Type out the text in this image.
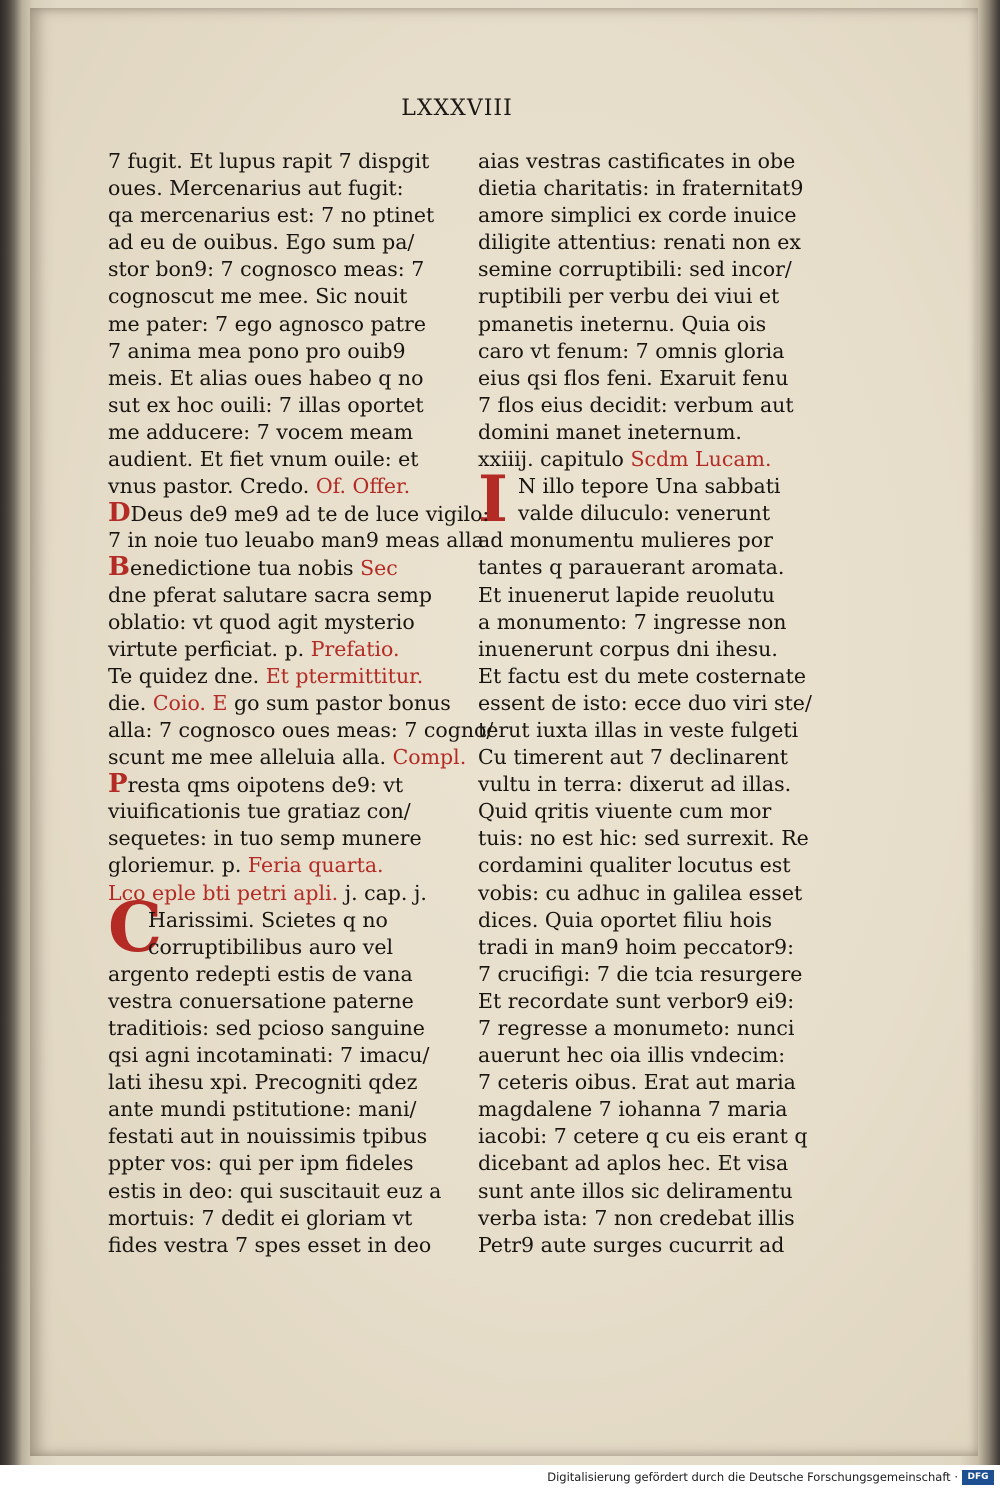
LXXXVIII
C
I
7 fugit. Et lupus rapit 7 dispgit
oues. Mercenarius aut fugit:
qa mercenarius est: 7 no ptinet
ad eu de ouibus. Ego sum pa/
stor bon9: 7 cognosco meas: 7
cognoscut me mee. Sic nouit
me pater: 7 ego agnosco patre
7 anima mea pono pro ouib9
meis. Et alias oues habeo q no
sut ex hoc ouili: 7 illas oportet
me adducere: 7 vocem meam
audient. Et fiet vnum ouile: et
vnus pastor. Credo. Of. Offer.
DDeus de9 me9 ad te de luce vigilo:
7 in noie tuo leuabo man9 meas alla
Benedictione tua nobis Sec
dne pferat salutare sacra semp
oblatio: vt quod agit mysterio
virtute perficiat. p. Prefatio.
Te quidez dne. Et ptermittitur.
die. Coio. E go sum pastor bonus
alla: 7 cognosco oues meas: 7 cogno/
scunt me mee alleluia alla. Compl.
Presta qms oipotens de9: vt
viuificationis tue gratiaz con/
sequetes: in tuo semp munere
gloriemur. p. Feria quarta.
Lco eple bti petri apli. j. cap. j.
Harissimi. Scietes q no
corruptibilibus auro vel
argento redepti estis de vana
vestra conuersatione paterne
traditiois: sed pcioso sanguine
qsi agni incotaminati: 7 imacu/
lati ihesu xpi. Precogniti qdez
ante mundi pstitutione: mani/
festati aut in nouissimis tpibus
ppter vos: qui per ipm fideles
estis in deo: qui suscitauit euz a
mortuis: 7 dedit ei gloriam vt
fides vestra 7 spes esset in deo
aias vestras castificates in obe
dietia charitatis: in fraternitat9
amore simplici ex corde inuice
diligite attentius: renati non ex
semine corruptibili: sed incor/
ruptibili per verbu dei viui et
pmanetis ineternu. Quia ois
caro vt fenum: 7 omnis gloria
eius qsi flos feni. Exaruit fenu
7 flos eius decidit: verbum aut
domini manet ineternum.
xxiiij. capitulo Scdm Lucam.
N illo tepore Una sabbati
valde diluculo: venerunt
ad monumentu mulieres por
tantes q parauerant aromata.
Et inuenerut lapide reuolutu
a monumento: 7 ingresse non
inuenerunt corpus dni ihesu.
Et factu est du mete costernate
essent de isto: ecce duo viri ste/
terut iuxta illas in veste fulgeti
Cu timerent aut 7 declinarent
vultu in terra: dixerut ad illas.
Quid qritis viuente cum mor
tuis: no est hic: sed surrexit. Re
cordamini qualiter locutus est
vobis: cu adhuc in galilea esset
dices. Quia oportet filiu hois
tradi in man9 hoim peccator9:
7 crucifigi: 7 die tcia resurgere
Et recordate sunt verbor9 ei9:
7 regresse a monumeto: nunci
auerunt hec oia illis vndecim:
7 ceteris oibus. Erat aut maria
magdalene 7 iohanna 7 maria
iacobi: 7 cetere q cu eis erant q
dicebant ad aplos hec. Et visa
sunt ante illos sic deliramentu
verba ista: 7 non credebat illis
Petr9 aute surges cucurrit ad
Digitalisierung gefördert durch die Deutsche Forschungsgemeinschaft ·	DFG
